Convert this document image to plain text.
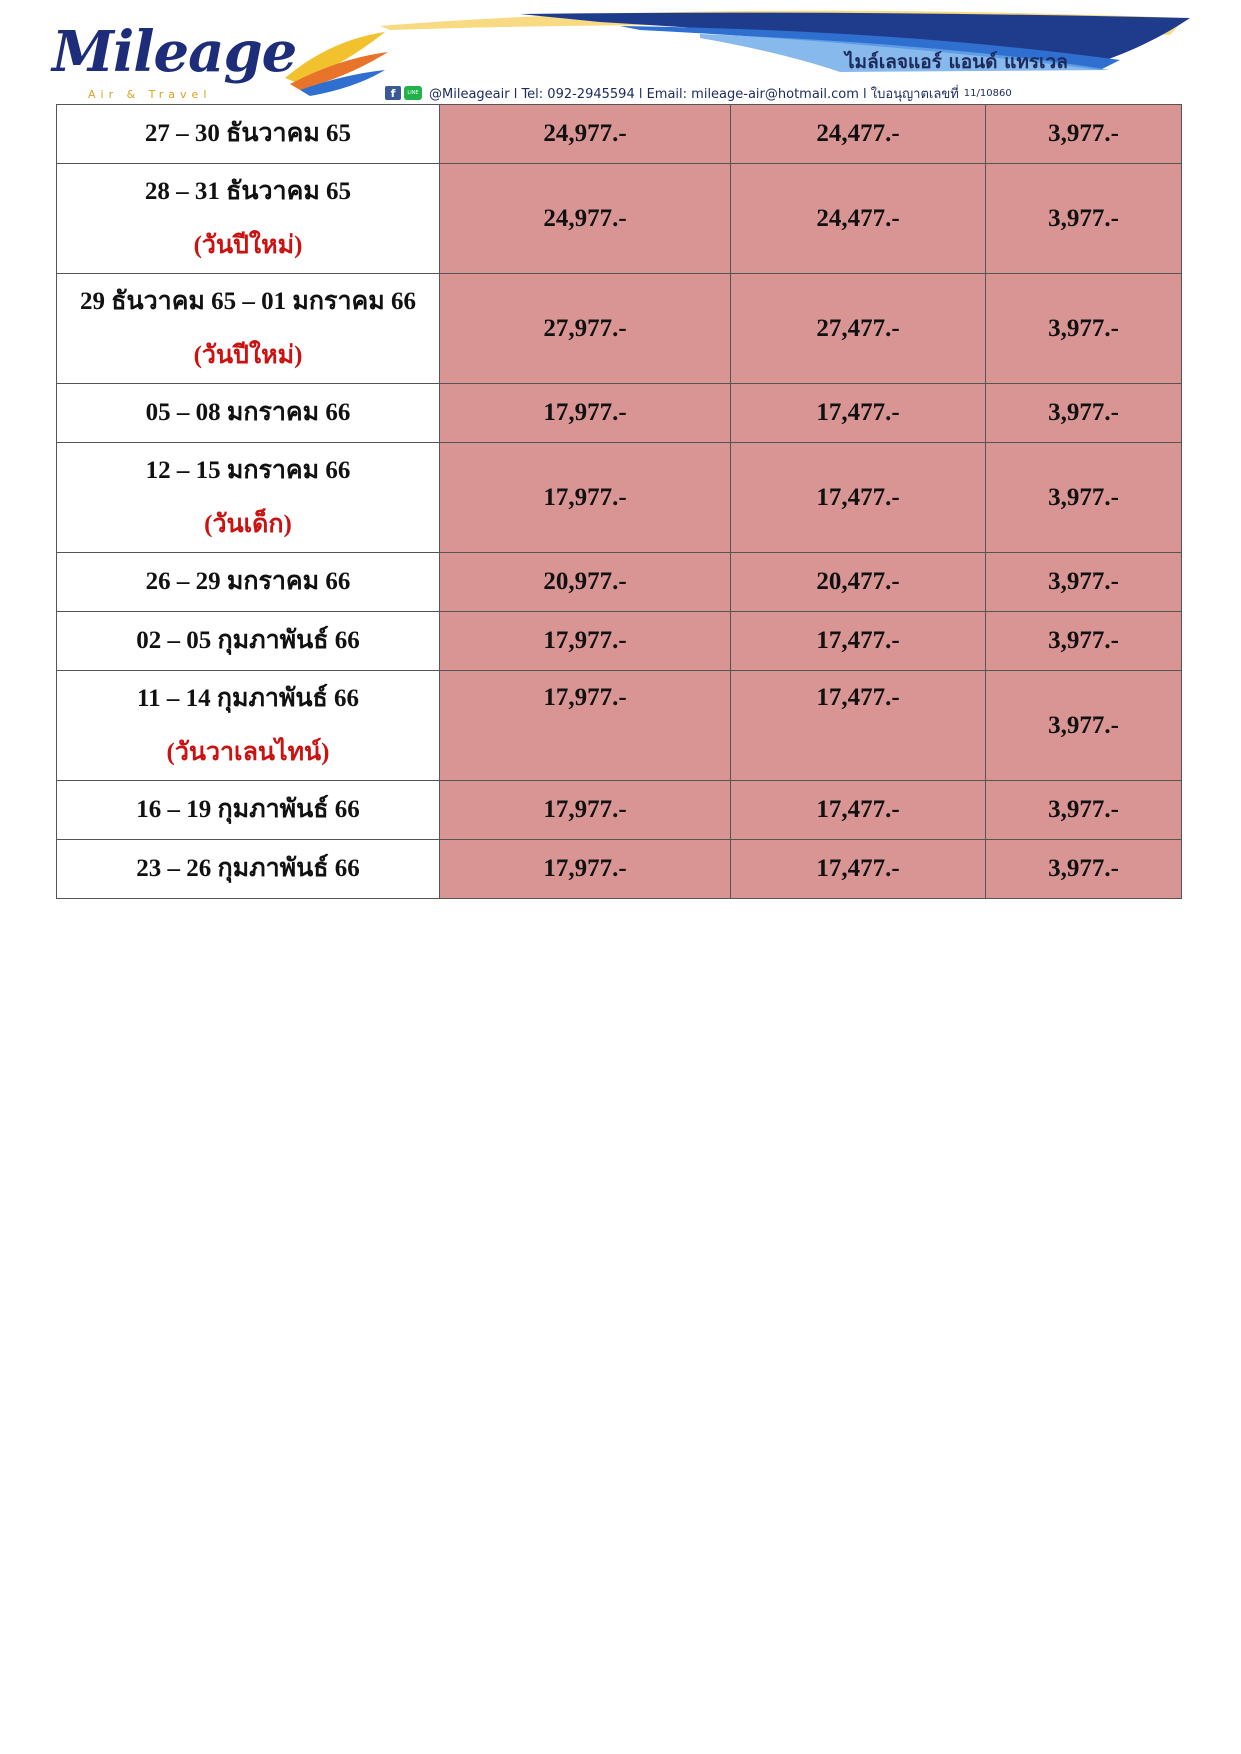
Mileage
Air & Travel
ไมล์เลจแอร์ แอนด์ แทรเวล
f	LINE @Mileageair l Tel: 092-2945594 l Email: mileage-air@hotmail.com l ใบอนุญาตเลขที่ 11/10860
27 – 30 ธันวาคม 65	24,977.-	24,477.-	3,977.-

28 – 31 ธันวาคม 65
(วันปีใหม่)	24,977.-	24,477.-	3,977.-

29 ธันวาคม 65 – 01 มกราคม 66
(วันปีใหม่)	27,977.-	27,477.-	3,977.-

05 – 08 มกราคม 66	17,977.-	17,477.-	3,977.-

12 – 15 มกราคม 66
(วันเด็ก)	17,977.-	17,477.-	3,977.-

26 – 29 มกราคม 66	20,977.-	20,477.-	3,977.-

02 – 05 กุมภาพันธ์ 66	17,977.-	17,477.-	3,977.-

11 – 14 กุมภาพันธ์ 66
(วันวาเลนไทน์)	17,977.-	17,477.-	3,977.-

16 – 19 กุมภาพันธ์ 66	17,977.-	17,477.-	3,977.-

23 – 26 กุมภาพันธ์ 66	17,977.-	17,477.-	3,977.-
